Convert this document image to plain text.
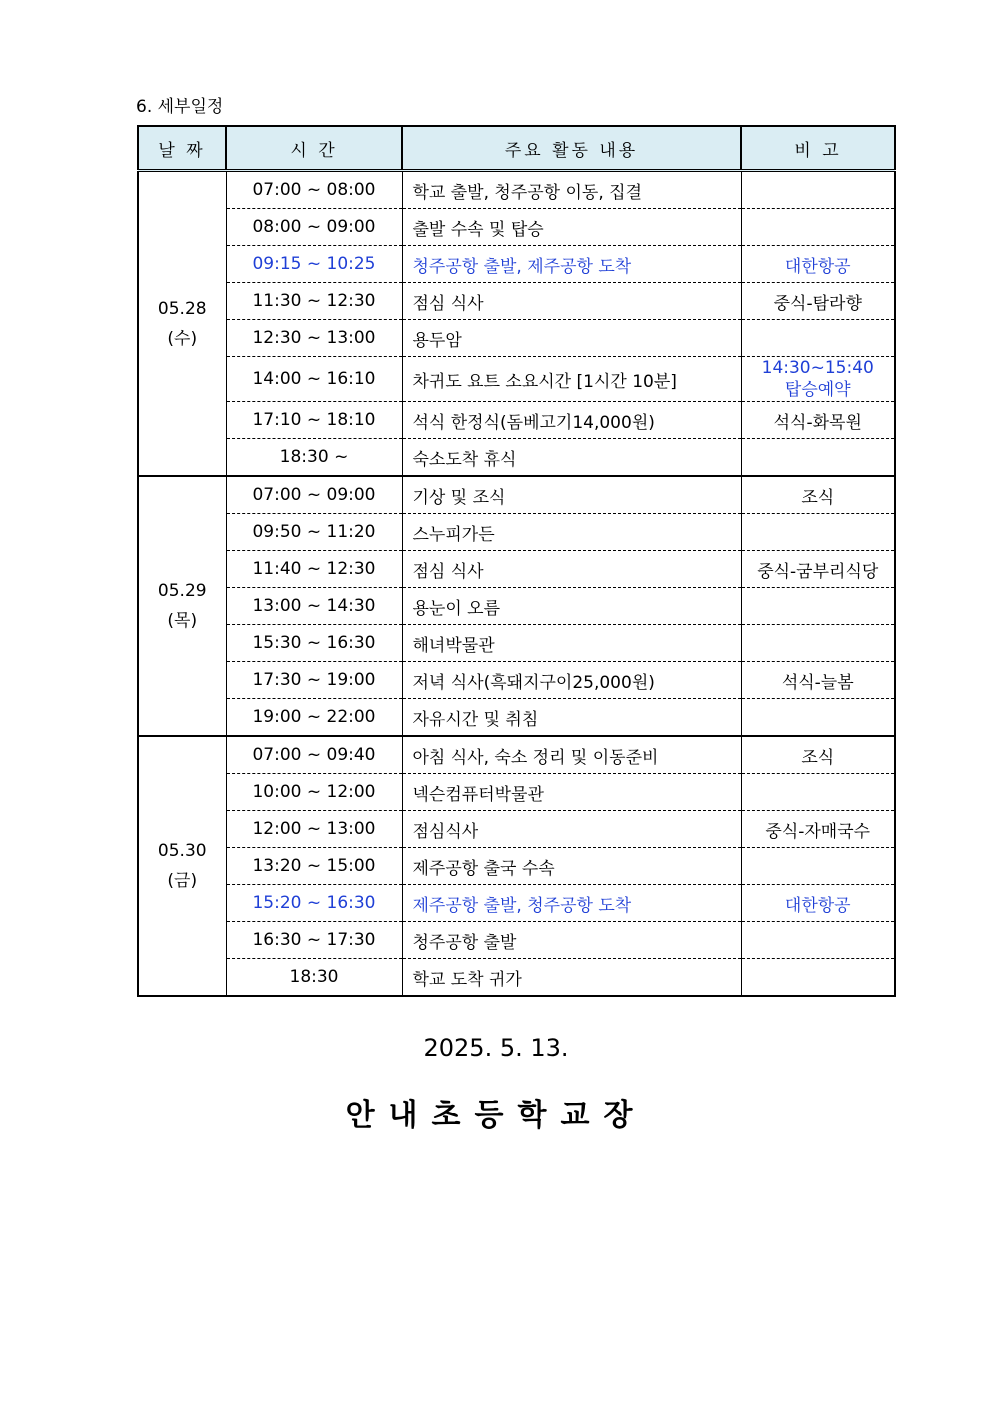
6. 세부일정
날 짜	시 간	주요 활동 내용	비 고

05.28
(수)	07:00 ~ 08:00	학교 출발, 청주공항 이동, 집결	
	08:00 ~ 09:00	출발 수속 및 탑승	
	09:15 ~ 10:25	청주공항 출발, 제주공항 도착	대한항공
	11:30 ~ 12:30	점심 식사	중식-탐라향
	12:30 ~ 13:00	용두암	
	14:00 ~ 16:10	차귀도 요트 소요시간 [1시간 10분]	14:30~15:40
탑승예약

	17:10 ~ 18:10	석식 한정식(돔베고기14,000원)	석식-화목원
	18:30 ~	숙소도착 휴식	

05.29
(목)	07:00 ~ 09:00	기상 및 조식	조식
	09:50 ~ 11:20	스누피가든	
	11:40 ~ 12:30	점심 식사	중식-굼부리식당
	13:00 ~ 14:30	용눈이 오름	
	15:30 ~ 16:30	해녀박물관	
	17:30 ~ 19:00	저녁 식사(흑돼지구이25,000원)	석식-늘봄
	19:00 ~ 22:00	자유시간 및 취침	

05.30
(금)	07:00 ~ 09:40	아침 식사, 숙소 정리 및 이동준비	조식
	10:00 ~ 12:00	넥슨컴퓨터박물관	
	12:00 ~ 13:00	점심식사	중식-자매국수
	13:20 ~ 15:00	제주공항 출국 수속	
	15:20 ~ 16:30	제주공항 출발, 청주공항 도착	대한항공
	16:30 ~ 17:30	청주공항 출발	
	18:30	학교 도착 귀가	
2025. 5. 13.
안내초등학교장
